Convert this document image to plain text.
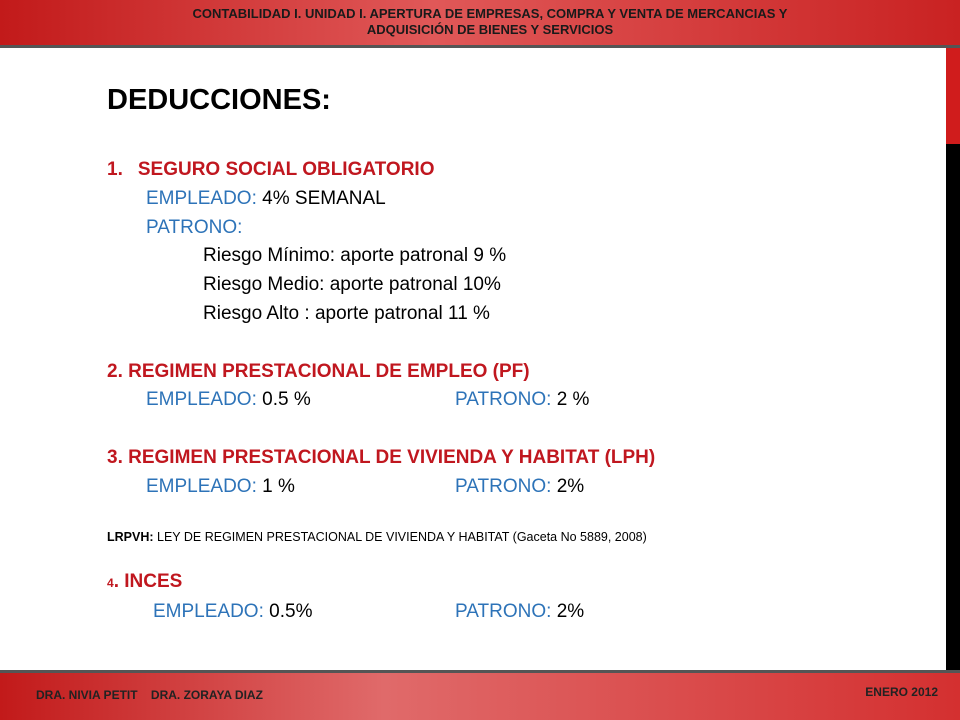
CONTABILIDAD I. UNIDAD I. APERTURA DE EMPRESAS, COMPRA Y VENTA DE MERCANCIAS Y
ADQUISICIÓN DE BIENES Y SERVICIOS
DEDUCCIONES:
1. SEGURO SOCIAL OBLIGATORIO
EMPLEADO: 4% SEMANAL
PATRONO:
Riesgo Mínimo: aporte patronal 9 %
Riesgo Medio: aporte patronal 10%
Riesgo Alto : aporte patronal 11 %
2. REGIMEN PRESTACIONAL DE EMPLEO (PF)
EMPLEADO: 0.5 %	PATRONO: 2 %
3. REGIMEN PRESTACIONAL DE VIVIENDA Y HABITAT (LPH)
EMPLEADO: 1 %	PATRONO: 2%
LRPVH: LEY DE REGIMEN PRESTACIONAL DE VIVIENDA Y HABITAT (Gaceta No 5889, 2008)
4. INCES
EMPLEADO: 0.5%	PATRONO: 2%
DRA. NIVIA PETIT    DRA. ZORAYA DIAZ	ENERO 2012
